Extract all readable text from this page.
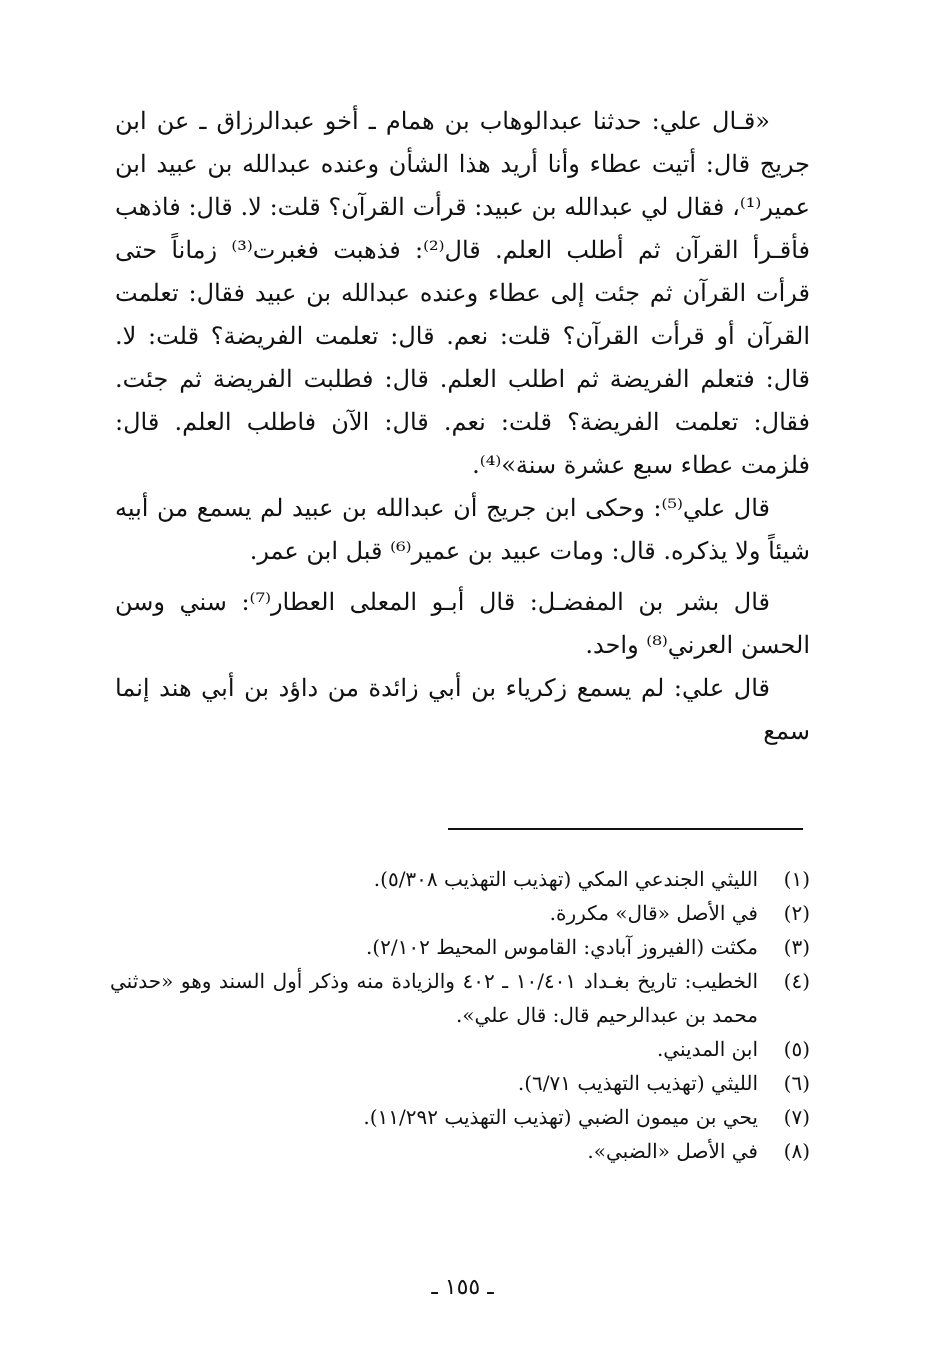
«قـال علي: حدثنا عبدالوهاب بن همام ـ أخو عبدالرزاق ـ عن ابن جريج قال: أتيت عطاء وأنا أريد هذا الشأن وعنده عبدالله بن عبيد ابن عمير⁽¹⁾، فقال لي عبدالله بن عبيد: قرأت القرآن؟ قلت: لا. قال: فاذهب فأقـرأ القرآن ثم أطلب العلم. قال⁽²⁾: فذهبت فغبرت⁽³⁾ زماناً حتى قرأت القرآن ثم جئت إلى عطاء وعنده عبدالله بن عبيد فقال: تعلمت القرآن أو قرأت القرآن؟ قلت: نعم. قال: تعلمت الفريضة؟ قلت: لا. قال: فتعلم الفريضة ثم اطلب العلم. قال: فطلبت الفريضة ثم جئت. فقال: تعلمت الفريضة؟ قلت: نعم. قال: الآن فاطلب العلم. قال: فلزمت عطاء سبع عشرة سنة»⁽⁴⁾.

قال علي⁽⁵⁾: وحكى ابن جريج أن عبدالله بن عبيد لم يسمع من أبيه شيئاً ولا يذكره. قال: ومات عبيد بن عمير⁽⁶⁾ قبل ابن عمر.

قال بشر بن المفضـل: قال أبـو المعلى العطار⁽⁷⁾: سني وسن الحسن العرني⁽⁸⁾ واحد.

قال علي: لم يسمع زكرياء بن أبي زائدة من داؤد بن أبي هند إنما سمع

(١)
الليثي الجندعي المكي (تهذيب التهذيب ٥/٣٠٨).
(٢)
في الأصل «قال» مكررة.
(٣)
مكثت (الفيروز آبادي: القاموس المحيط ٢/١٠٢).
(٤)
الخطيب: تاريخ بغـداد ١٠/٤٠١ ـ ٤٠٢ والزيادة منه وذكر أول السند وهو «حدثني محمد بن عبدالرحيم قال: قال علي».
(٥)
ابن المديني.
(٦)
الليثي (تهذيب التهذيب ٦/٧١).
(٧)
يحي بن ميمون الضبي (تهذيب التهذيب ١١/٢٩٢).
(٨)
في الأصل «الضبي».
ـ ١٥٥ ـ
